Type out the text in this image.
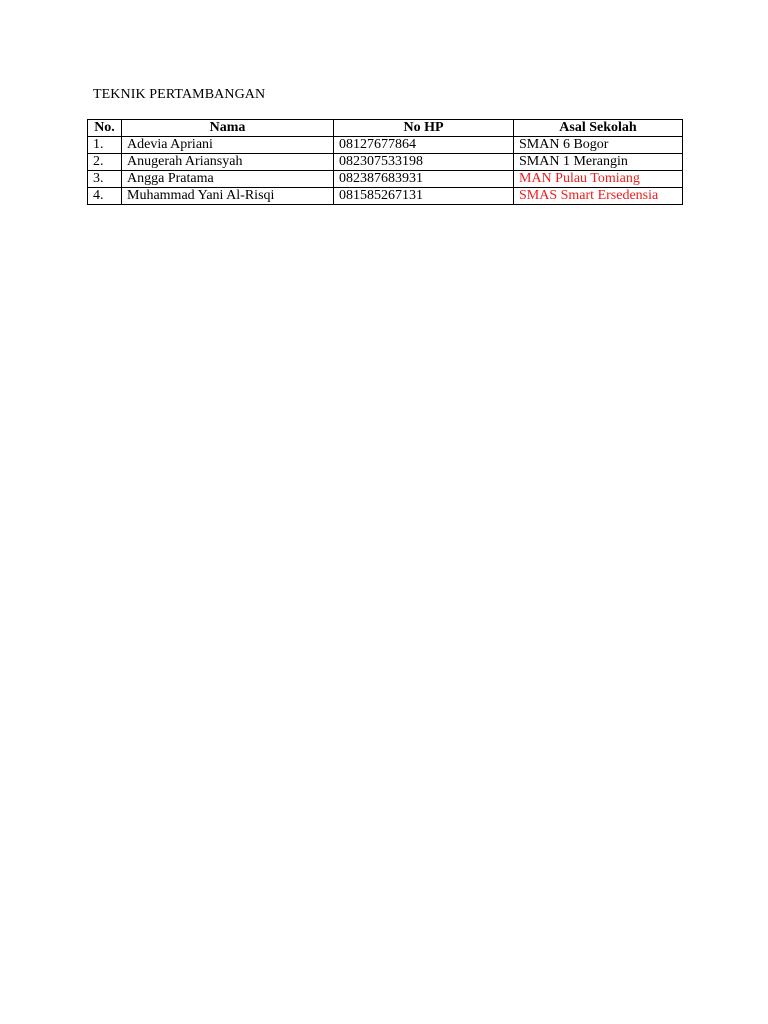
TEKNIK PERTAMBANGAN
No.	Nama	No HP	Asal Sekolah
1.	Adevia Apriani	08127677864	SMAN 6 Bogor
2.	Anugerah Ariansyah	082307533198	SMAN 1 Merangin
3.	Angga Pratama	082387683931	MAN Pulau Tomiang
4.	Muhammad Yani Al-Risqi	081585267131	SMAS Smart Ersedensia
